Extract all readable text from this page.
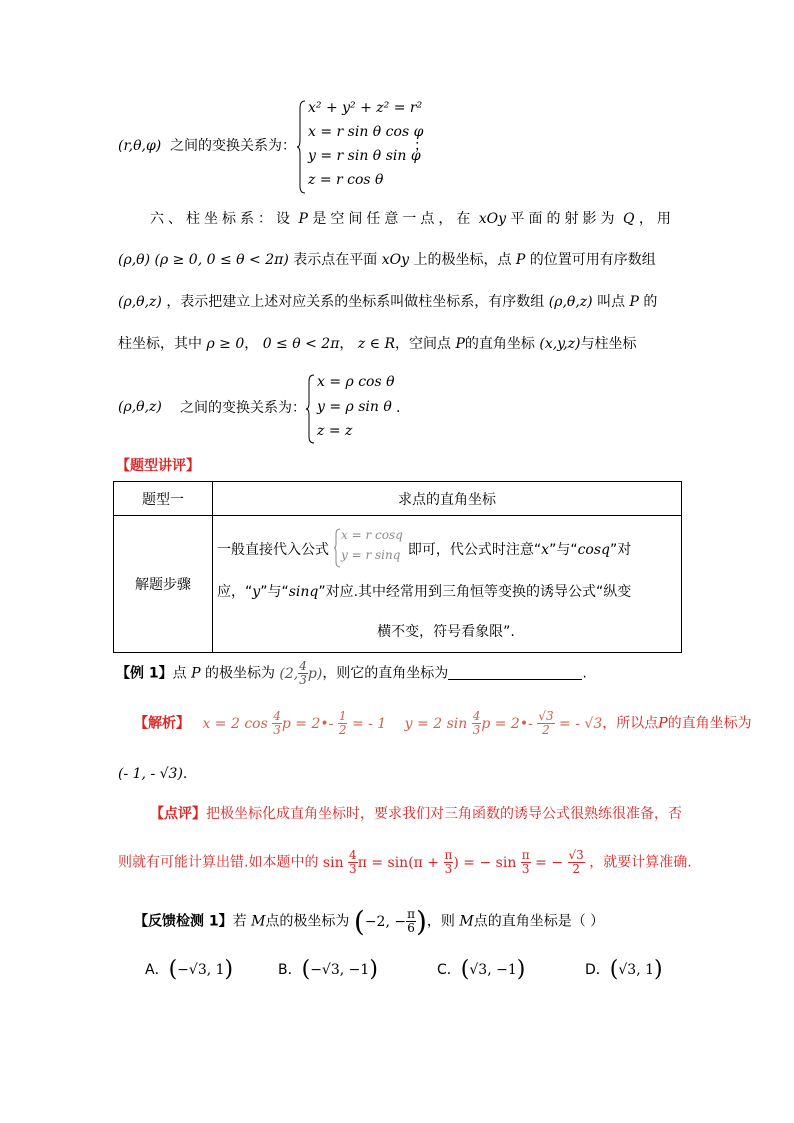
(r,θ,φ) 之间的变换关系为：
x² + y² + z² = r²
x = r sin θ cos φ
y = r sin θ sin φ
z = r cos θ
；
六、柱坐标系：设 P 是空间任意一点，在 xOy 平面的射影为 Q ，用
(ρ,θ) (ρ ≥ 0, 0 ≤ θ < 2π) 表示点在平面 xOy 上的极坐标，点 P 的位置可用有序数组
(ρ,θ,z) ，表示把建立上述对应关系的坐标系叫做柱坐标系，有序数组 (ρ,θ,z) 叫点 P 的
柱坐标，其中 ρ ≥ 0， 0 ≤ θ < 2π， z ∈ R，空间点 P的直角坐标 (x,y,z)与柱坐标
(ρ,θ,z) 之间的变换关系为：
x = ρ cos θ
y = ρ sin θ
z = z
.
【题型讲评】
题型一	求点的直角坐标
解题步骤	一般直接代入公式 即可，代公式时注意“x”与“cosq”对
x = r cosq
y = r sinq
应，“y”与“sinq”对应.其中经常用到三角恒等变换的诱导公式“纵变
横不变，符号看象限”.
【例 1】点 P 的极坐标为 (2, $\frac{4}{3} p$)，则它的直角坐标为	.
【解析】 x = 2 $\cos \frac{4}{3}$ p = 2•- $\frac{1}{2}$ = - 1 y = 2 $\sin \frac{4}{3}$ p = 2•- $\frac{√3}{2}$ = - √3，所以点P的直角坐标为
(- 1, - √3).
【点评】把极坐标化成直角坐标时，要求我们对三角函数的诱导公式很熟练很准备，否
则就有可能计算出错.如本题中的 $\sin \frac{4}{3}$ $\pi = \sin(\pi + \frac{\pi}{3}$ ) = − $\sin \frac{\pi}{3}$ = − $\frac{√3}{2}$ ，就要计算准确.
【反馈检测 1】若 M点的极坐标为 (−2, − $\frac{\pi}{6}$ )，则 M点的直角坐标是（ ）
A．(−√3, 1)	B．(−√3, −1)	C．(√3, −1)	D．(√3, 1)
